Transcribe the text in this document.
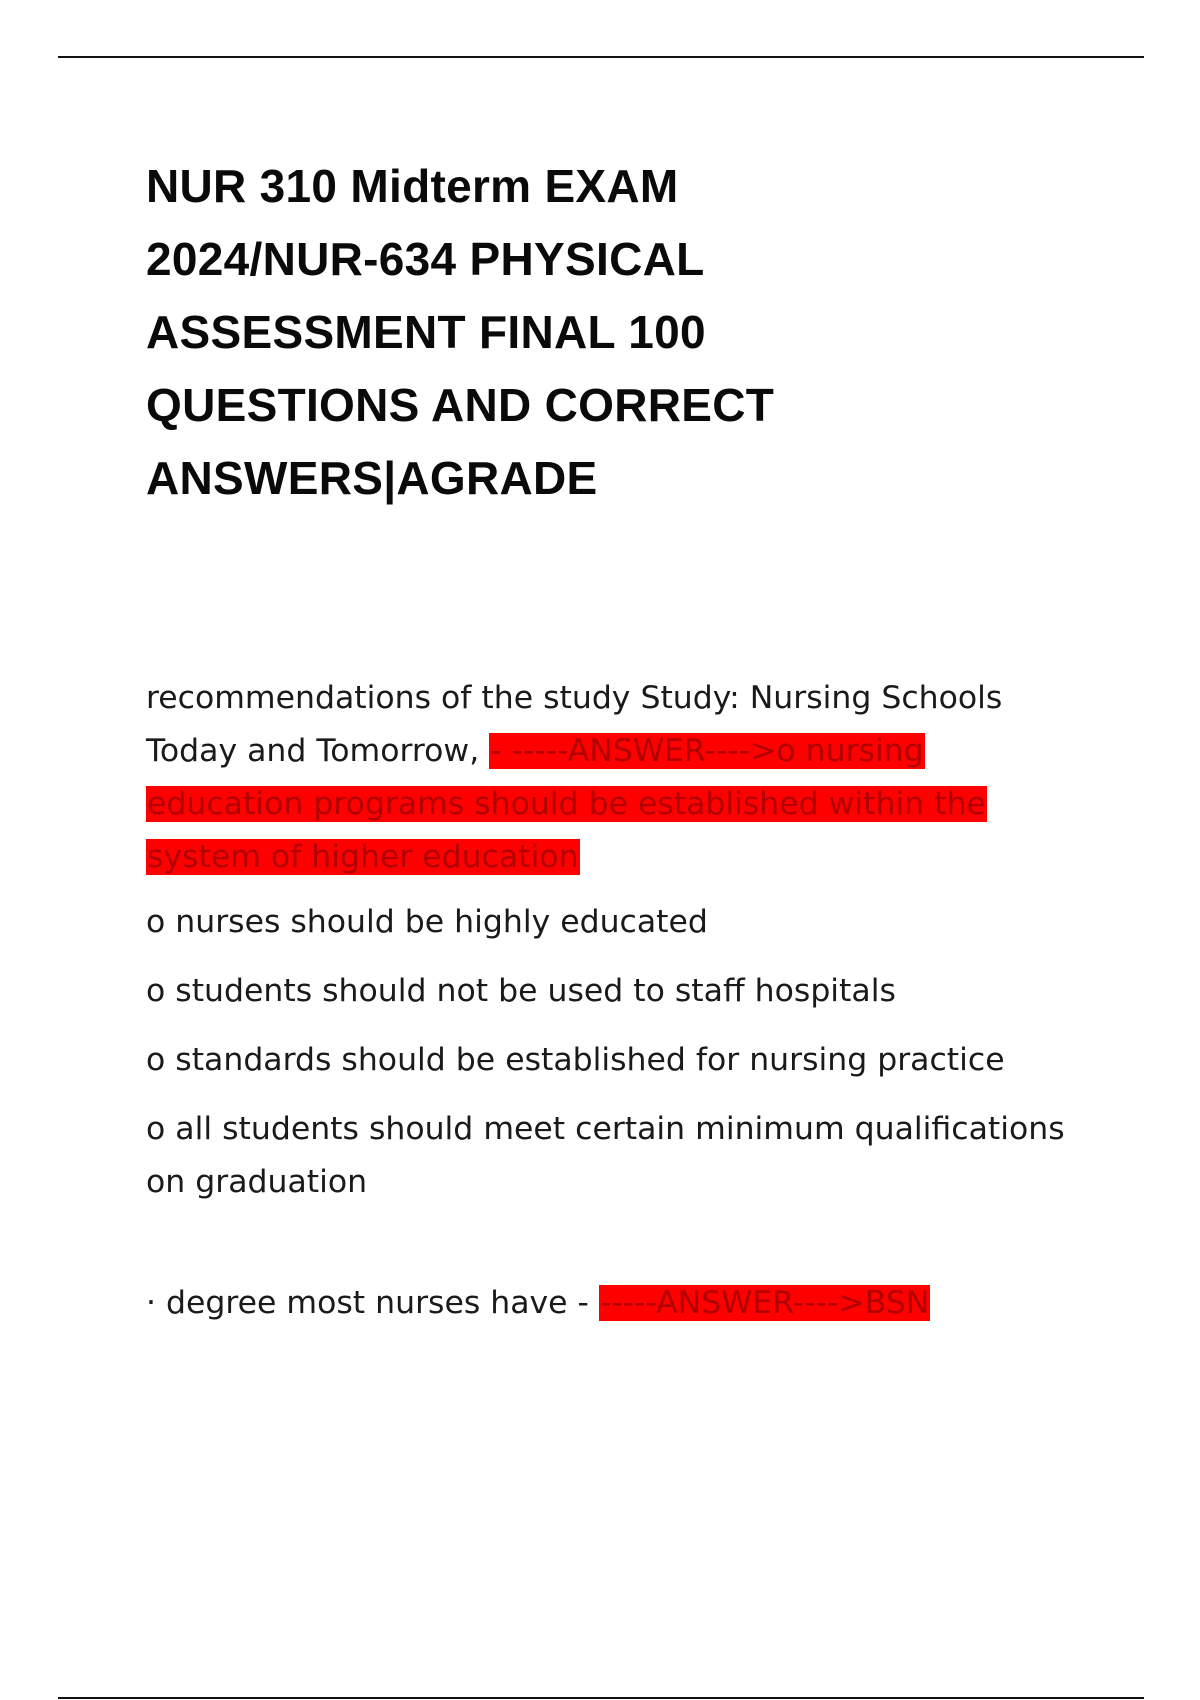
NUR 310 Midterm EXAM
2024/NUR-634 PHYSICAL
ASSESSMENT FINAL 100
QUESTIONS AND CORRECT
ANSWERS|AGRADE

recommendations of the study Study: Nursing Schools Today and Tomorrow, - -----ANSWER---->o nursing education programs should be established within the system of higher education

o nurses should be highly educated

o students should not be used to staff hospitals

o standards should be established for nursing practice

o all students should meet certain minimum qualifications on graduation

· degree most nurses have - -----ANSWER---->BSN
